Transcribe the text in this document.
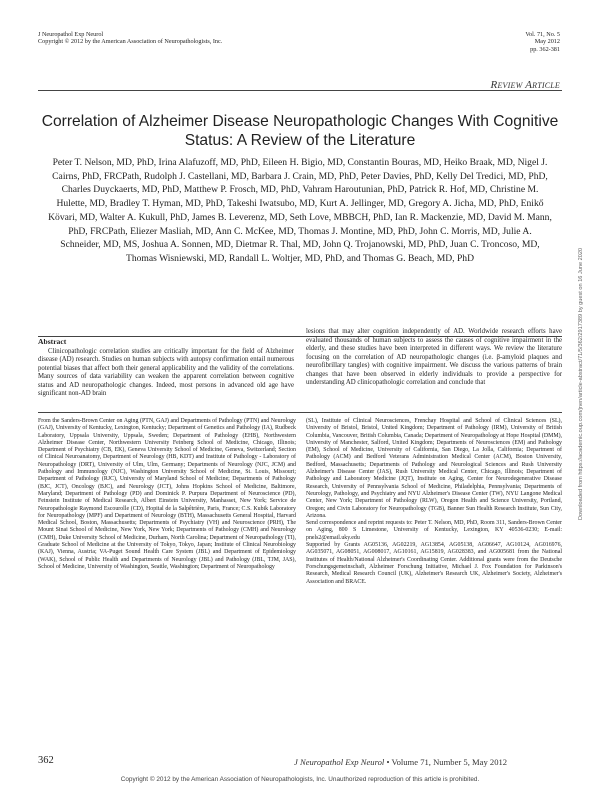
J Neuropathol Exp Neurol
Copyright © 2012 by the American Association of Neuropathologists, Inc.
Vol. 71, No. 5
May 2012
pp. 362-381
Review Article
Correlation of Alzheimer Disease Neuropathologic Changes With Cognitive Status: A Review of the Literature
Peter T. Nelson, MD, PhD, Irina Alafuzoff, MD, PhD, Eileen H. Bigio, MD, Constantin Bouras, MD, Heiko Braak, MD, Nigel J. Cairns, PhD, FRCPath, Rudolph J. Castellani, MD, Barbara J. Crain, MD, PhD, Peter Davies, PhD, Kelly Del Tredici, MD, PhD, Charles Duyckaerts, MD, PhD, Matthew P. Frosch, MD, PhD, Vahram Haroutunian, PhD, Patrick R. Hof, MD, Christine M. Hulette, MD, Bradley T. Hyman, MD, PhD, Takeshi Iwatsubo, MD, Kurt A. Jellinger, MD, Gregory A. Jicha, MD, PhD, Enikő Kövari, MD, Walter A. Kukull, PhD, James B. Leverenz, MD, Seth Love, MBBCH, PhD, Ian R. Mackenzie, MD, David M. Mann, PhD, FRCPath, Eliezer Masliah, MD, Ann C. McKee, MD, Thomas J. Montine, MD, PhD, John C. Morris, MD, Julie A. Schneider, MD, MS, Joshua A. Sonnen, MD, Dietmar R. Thal, MD, John Q. Trojanowski, MD, PhD, Juan C. Troncoso, MD, Thomas Wisniewski, MD, Randall L. Woltjer, MD, PhD, and Thomas G. Beach, MD, PhD	Downloaded from https://academic.oup.com/jnen/article-abstract/71/5/362/2917389 by guest on 16 June 2020
Abstract
Clinicopathologic correlation studies are critically important for the field of Alzheimer disease (AD) research. Studies on human subjects with autopsy confirmation entail numerous potential biases that affect both their general applicability and the validity of the correlations. Many sources of data variability can weaken the apparent correlation between cognitive status and AD neuropathologic changes. Indeed, most persons in advanced old age have significant non-AD brain
lesions that may alter cognition independently of AD. Worldwide research efforts have evaluated thousands of human subjects to assess the causes of cognitive impairment in the elderly, and these studies have been interpreted in different ways. We review the literature focusing on the correlation of AD neuropathologic changes (i.e. β-amyloid plaques and neurofibrillary tangles) with cognitive impairment. We discuss the various patterns of brain changes that have been observed in elderly individuals to provide a perspective for understanding AD clinicopathologic correlation and conclude that

From the Sanders-Brown Center on Aging (PTN, GAJ) and Departments of Pathology (PTN) and Neurology (GAJ), University of Kentucky, Lexington, Kentucky; Department of Genetics and Pathology (IA), Rudbeck Laboratory, Uppsala University, Uppsala, Sweden; Department of Pathology (EHB), Northwestern Alzheimer Disease Center, Northwestern University Feinberg School of Medicine, Chicago, Illinois; Department of Psychiatry (CB, EK), Geneva University School of Medicine, Geneva, Switzerland; Section of Clinical Neuroanatomy, Department of Neurology (HB, KDT) and Institute of Pathology - Laboratory of Neuropathology (DRT), University of Ulm, Ulm, Germany; Departments of Neurology (NJC, JCM) and Pathology and Immunology (NJC), Washington University School of Medicine, St. Louis, Missouri; Department of Pathology (RJC), University of Maryland School of Medicine; Departments of Pathology (BJC, JCT), Oncology (BJC), and Neurology (JCT), Johns Hopkins School of Medicine, Baltimore, Maryland; Department of Pathology (PD) and Dominick P. Purpura Department of Neuroscience (PD), Feinstein Institute of Medical Research, Albert Einstein University, Manhasset, New York; Service de Neuropathologie Raymond Escourolle (CD), Hopital de la Salpêtrière, Paris, France; C.S. Kubik Laboratory for Neuropathology (MPF) and Department of Neurology (BTH), Massachusetts General Hospital, Harvard Medical School, Boston, Massachusetts; Departments of Psychiatry (VH) and Neuroscience (PRH), The Mount Sinai School of Medicine, New York, New York; Departments of Pathology (CMH) and Neurology (CMH), Duke University School of Medicine, Durham, North Carolina; Department of Neuropathology (TI), Graduate School of Medicine at the University of Tokyo, Tokyo, Japan; Institute of Clinical Neurobiology (KAJ), Vienna, Austria; VA-Puget Sound Health Care System (JBL) and Department of Epidemiology (WAK), School of Public Health and Departments of Neurology (JBL) and Pathology (JBL, TJM, JAS), School of Medicine, University of Washington, Seattle, Washington; Department of Neuropathology

(SL), Institute of Clinical Neurosciences, Frenchay Hospital and School of Clinical Sciences (SL), University of Bristol, Bristol, United Kingdom; Department of Pathology (IRM), University of British Columbia, Vancouver, British Columbia, Canada; Department of Neuropathology at Hope Hospital (DMM), University of Manchester, Salford, United Kingdom; Departments of Neurosciences (EM) and Pathology (EM), School of Medicine, University of California, San Diego, La Jolla, California; Department of Pathology (ACM) and Bedford Veterans Administration Medical Center (ACM), Boston University, Bedford, Massachusetts; Departments of Pathology and Neurological Sciences and Rush University Alzheimer's Disease Center (JAS), Rush University Medical Center, Chicago, Illinois; Department of Pathology and Laboratory Medicine (JQT), Institute on Aging, Center for Neurodegenerative Disease Research, University of Pennsylvania School of Medicine, Philadelphia, Pennsylvania; Departments of Neurology, Pathology, and Psychiatry and NYU Alzheimer's Disease Center (TW), NYU Langone Medical Center, New York; Department of Pathology (RLW), Oregon Health and Science University, Portland, Oregon; and Civin Laboratory for Neuropathology (TGB), Banner Sun Health Research Institute, Sun City, Arizona.

Send correspondence and reprint requests to: Peter T. Nelson, MD, PhD, Room 311, Sanders-Brown Center on Aging, 800 S Limestone, University of Kentucky, Lexington, KY 40536-0230; E-mail: pnels2@email.uky.edu

Supported by Grants AG05136, AG02219, AG13854, AG05138, AG06647, AG10124, AG016976, AG035071, AG08051, AG008017, AG10161, AG15819, AG028383, and AG005681 from the National Institutes of Health/National Alzheimer's Coordinating Center. Additional grants were from the Deutsche Forschungsgemeinschaft, Alzheimer Forschung Initiative, Michael J. Fox Foundation for Parkinson's Research, Medical Research Council (UK), Alzheimer's Research UK, Alzheimer's Society, Alzheimer's Association and BRACE.

362	J Neuropathol Exp Neurol • Volume 71, Number 5, May 2012
Copyright © 2012 by the American Association of Neuropathologists, Inc. Unauthorized reproduction of this article is prohibited.
